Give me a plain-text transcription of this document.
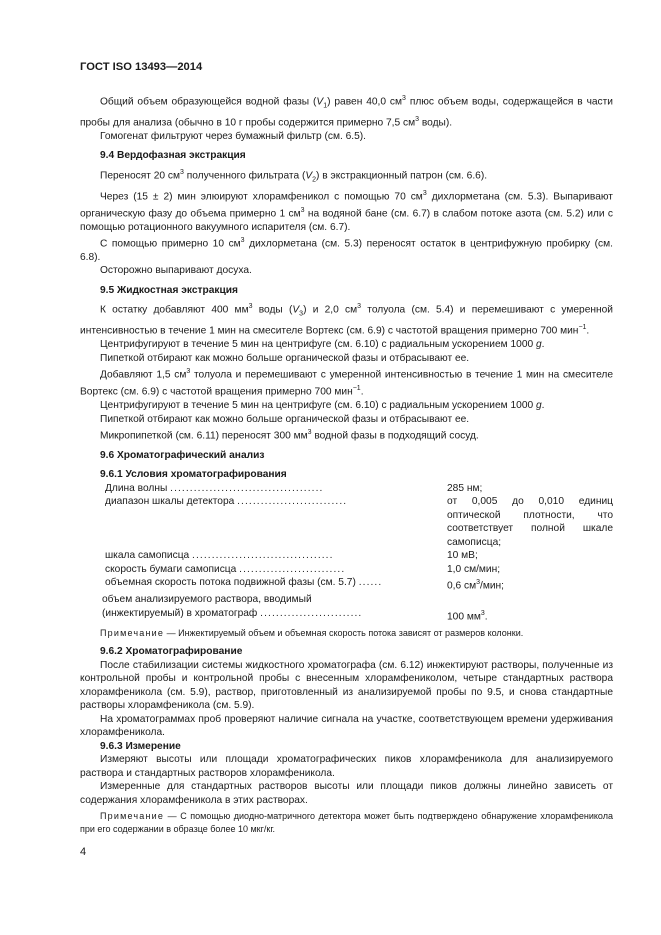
ГОСТ ISO 13493—2014

Общий объем образующейся водной фазы $(V_1)$ равен 40,0 $см^3$ плюс объем воды, содержащейся в части пробы для анализа (обычно в 10 г пробы содержится примерно 7,5 $см^3$ воды).

Гомогенат фильтруют через бумажный фильтр (см. 6.5).

9.4 Вердофазная экстракция

Переносят 20 $см^3$ полученного фильтрата $(V_2)$ в экстракционный патрон (см. 6.6).

Через (15 ± 2) мин элюируют хлорамфеникол с помощью 70 $см^3$ дихлорметана (см. 5.3). Выпаривают органическую фазу до объема примерно 1 $см^3$ на водяной бане (см. 6.7) в слабом потоке азота (см. 5.2) или с помощью ротационного вакуумного испарителя (см. 6.7).

С помощью примерно 10 $см^3$ дихлорметана (см. 5.3) переносят остаток в центрифужную пробирку (см. 6.8).

Осторожно выпаривают досуха.

9.5 Жидкостная экстракция

К остатку добавляют 400 $мм^3$ воды $(V_3)$ и 2,0 $см^3$ толуола (см. 5.4) и перемешивают с умеренной интенсивностью в течение 1 мин на смесителе Вортекс (см. 6.9) с частотой вращения примерно 700 мин$^{-1}$.

Центрифугируют в течение 5 мин на центрифуге (см. 6.10) с радиальным ускорением 1000 g.

Пипеткой отбирают как можно больше органической фазы и отбрасывают ее.

Добавляют 1,5 $см^3$ толуола и перемешивают с умеренной интенсивностью в течение 1 мин на смесителе Вортекс (см. 6.9) с частотой вращения примерно 700 мин$^{-1}$.

Центрифугируют в течение 5 мин на центрифуге (см. 6.10) с радиальным ускорением 1000 g.

Пипеткой отбирают как можно больше органической фазы и отбрасывают ее.

Микропипеткой (см. 6.11) переносят 300 $мм^3$ водной фазы в подходящий сосуд.

9.6 Хроматографический анализ
9.6.1 Условия хроматографирования
Длина волны .......................................	285 нм;
диапазон шкалы детектора ............................	от 0,005 до 0,010 единиц оптической плотности, что соответствует полной шкале самописца;
шкала самописца ....................................	10 мВ;
скорость бумаги самописца ...........................	1,0 см/мин;
объемная скорость потока подвижной фазы (см. 5.7) ......	0,6 $см^3$/мин;
объем анализируемого раствора, вводимый	
(инжектируемый) в хроматограф ..........................	100 $мм^3$.
Примечание — Инжектируемый объем и объемная скорость потока зависят от размеров колонки.
9.6.2 Хроматографирование

После стабилизации системы жидкостного хроматографа (см. 6.12) инжектируют растворы, полученные из контрольной пробы и контрольной пробы с внесенным хлорамфениколом, четыре стандартных раствора хлорамфеникола (см. 5.9), раствор, приготовленный из анализируемой пробы по 9.5, и снова стандартные растворы хлорамфеникола (см. 5.9).

На хроматограммах проб проверяют наличие сигнала на участке, соответствующем времени удерживания хлорамфеникола.

9.6.3 Измерение

Измеряют высоты или площади хроматографических пиков хлорамфеникола для анализируемого раствора и стандартных растворов хлорамфеникола.

Измеренные для стандартных растворов высоты или площади пиков должны линейно зависеть от содержания хлорамфеникола в этих растворах.

Примечание — С помощью диодно-матричного детектора может быть подтверждено обнаружение хлорамфеникола при его содержании в образце более 10 мкг/кг.
4
